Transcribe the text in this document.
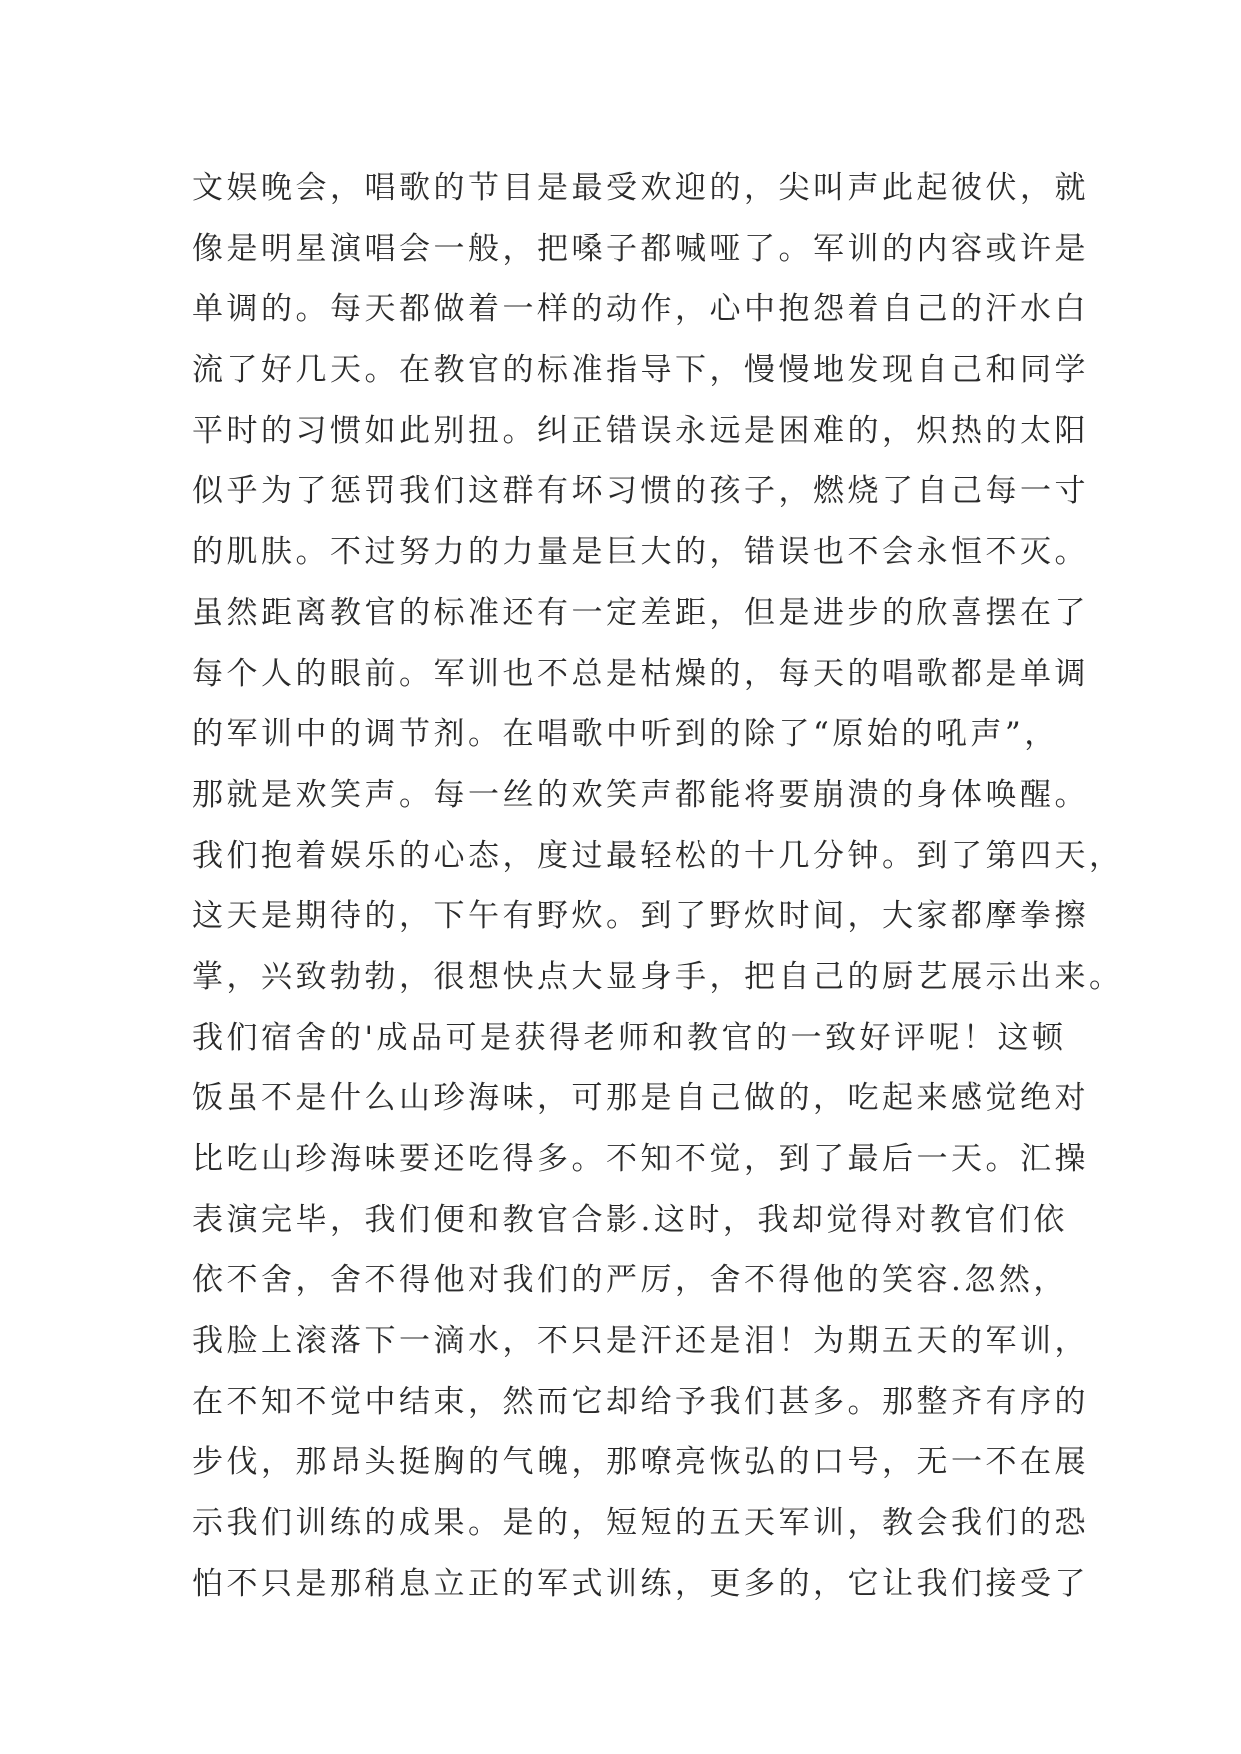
文娱晚会，唱歌的节目是最受欢迎的，尖叫声此起彼伏，就
像是明星演唱会一般，把嗓子都喊哑了。军训的内容或许是
单调的。每天都做着一样的动作，心中抱怨着自己的汗水白
流了好几天。在教官的标准指导下，慢慢地发现自己和同学
平时的习惯如此别扭。纠正错误永远是困难的，炽热的太阳
似乎为了惩罚我们这群有坏习惯的孩子，燃烧了自己每一寸
的肌肤。不过努力的力量是巨大的，错误也不会永恒不灭。
虽然距离教官的标准还有一定差距，但是进步的欣喜摆在了
每个人的眼前。军训也不总是枯燥的，每天的唱歌都是单调
的军训中的调节剂。在唱歌中听到的除了“原始的吼声”，
那就是欢笑声。每一丝的欢笑声都能将要崩溃的身体唤醒。
我们抱着娱乐的心态，度过最轻松的十几分钟。到了第四天，
这天是期待的，下午有野炊。到了野炊时间，大家都摩拳擦
掌，兴致勃勃，很想快点大显身手，把自己的厨艺展示出来。
我们宿舍的'成品可是获得老师和教官的一致好评呢！这顿
饭虽不是什么山珍海味，可那是自己做的，吃起来感觉绝对
比吃山珍海味要还吃得多。不知不觉，到了最后一天。汇操
表演完毕，我们便和教官合影.这时，我却觉得对教官们依
依不舍，舍不得他对我们的严厉，舍不得他的笑容.忽然，
我脸上滚落下一滴水，不只是汗还是泪！为期五天的军训，
在不知不觉中结束，然而它却给予我们甚多。那整齐有序的
步伐，那昂头挺胸的气魄，那嘹亮恢弘的口号，无一不在展
示我们训练的成果。是的，短短的五天军训，教会我们的恐
怕不只是那稍息立正的军式训练，更多的，它让我们接受了
